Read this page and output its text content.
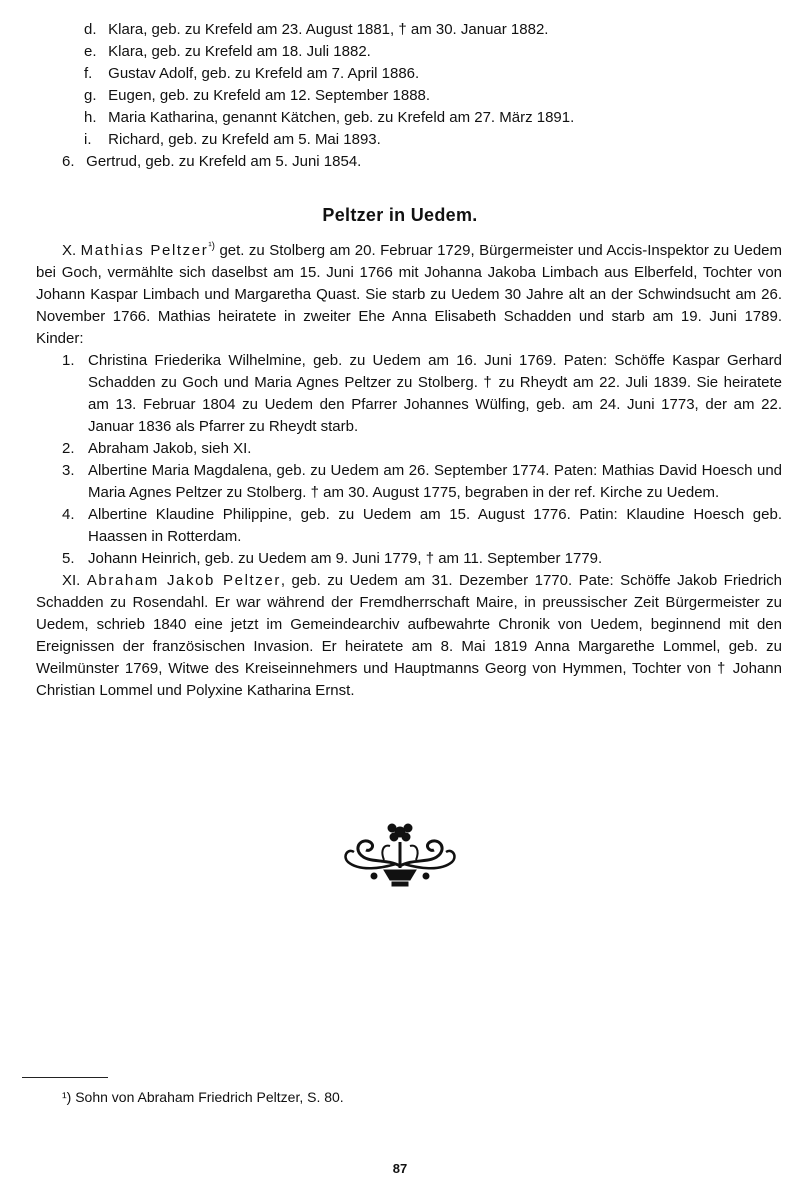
d. Klara, geb. zu Krefeld am 23. August 1881, † am 30. Januar 1882.
e. Klara, geb. zu Krefeld am 18. Juli 1882.
f. Gustav Adolf, geb. zu Krefeld am 7. April 1886.
g. Eugen, geb. zu Krefeld am 12. September 1888.
h. Maria Katharina, genannt Kätchen, geb. zu Krefeld am 27. März 1891.
i. Richard, geb. zu Krefeld am 5. Mai 1893.
6. Gertrud, geb. zu Krefeld am 5. Juni 1854.
Peltzer in Uedem.

X. Mathias Peltzer$^{^1)}$ get. zu Stolberg am 20. Februar 1729, Bürgermeister und Accis-Inspektor zu Uedem bei Goch, vermählte sich daselbst am 15. Juni 1766 mit Johanna Jakoba Limbach aus Elberfeld, Tochter von Johann Kaspar Limbach und Margaretha Quast. Sie starb zu Uedem 30 Jahre alt an der Schwindsucht am 26. November 1766. Mathias heiratete in zweiter Ehe Anna Elisabeth Schadden und starb am 19. Juni 1789. Kinder:

1. Christina Friederika Wilhelmine, geb. zu Uedem am 16. Juni 1769. Paten: Schöffe Kaspar Gerhard Schadden zu Goch und Maria Agnes Peltzer zu Stolberg. † zu Rheydt am 22. Juli 1839. Sie heiratete am 13. Februar 1804 zu Uedem den Pfarrer Johannes Wülfing, geb. am 24. Juni 1773, der am 22. Januar 1836 als Pfarrer zu Rheydt starb.
2. Abraham Jakob, sieh XI.
3. Albertine Maria Magdalena, geb. zu Uedem am 26. September 1774. Paten: Mathias David Hoesch und Maria Agnes Peltzer zu Stolberg. † am 30. August 1775, begraben in der ref. Kirche zu Uedem.
4. Albertine Klaudine Philippine, geb. zu Uedem am 15. August 1776. Patin: Klaudine Hoesch geb. Haassen in Rotterdam.
5. Johann Heinrich, geb. zu Uedem am 9. Juni 1779, † am 11. September 1779.

XI. Abraham Jakob Peltzer, geb. zu Uedem am 31. Dezember 1770. Pate: Schöffe Jakob Friedrich Schadden zu Rosendahl. Er war während der Fremdherrschaft Maire, in preussischer Zeit Bürgermeister zu Uedem, schrieb 1840 eine jetzt im Gemeindearchiv aufbewahrte Chronik von Uedem, beginnend mit den Ereignissen der französischen Invasion. Er heiratete am 8. Mai 1819 Anna Margarethe Lommel, geb. zu Weilmünster 1769, Witwe des Kreiseinnehmers und Hauptmanns Georg von Hymmen, Tochter von † Johann Christian Lommel und Polyxine Katharina Ernst.

¹) Sohn von Abraham Friedrich Peltzer, S. 80.
87
